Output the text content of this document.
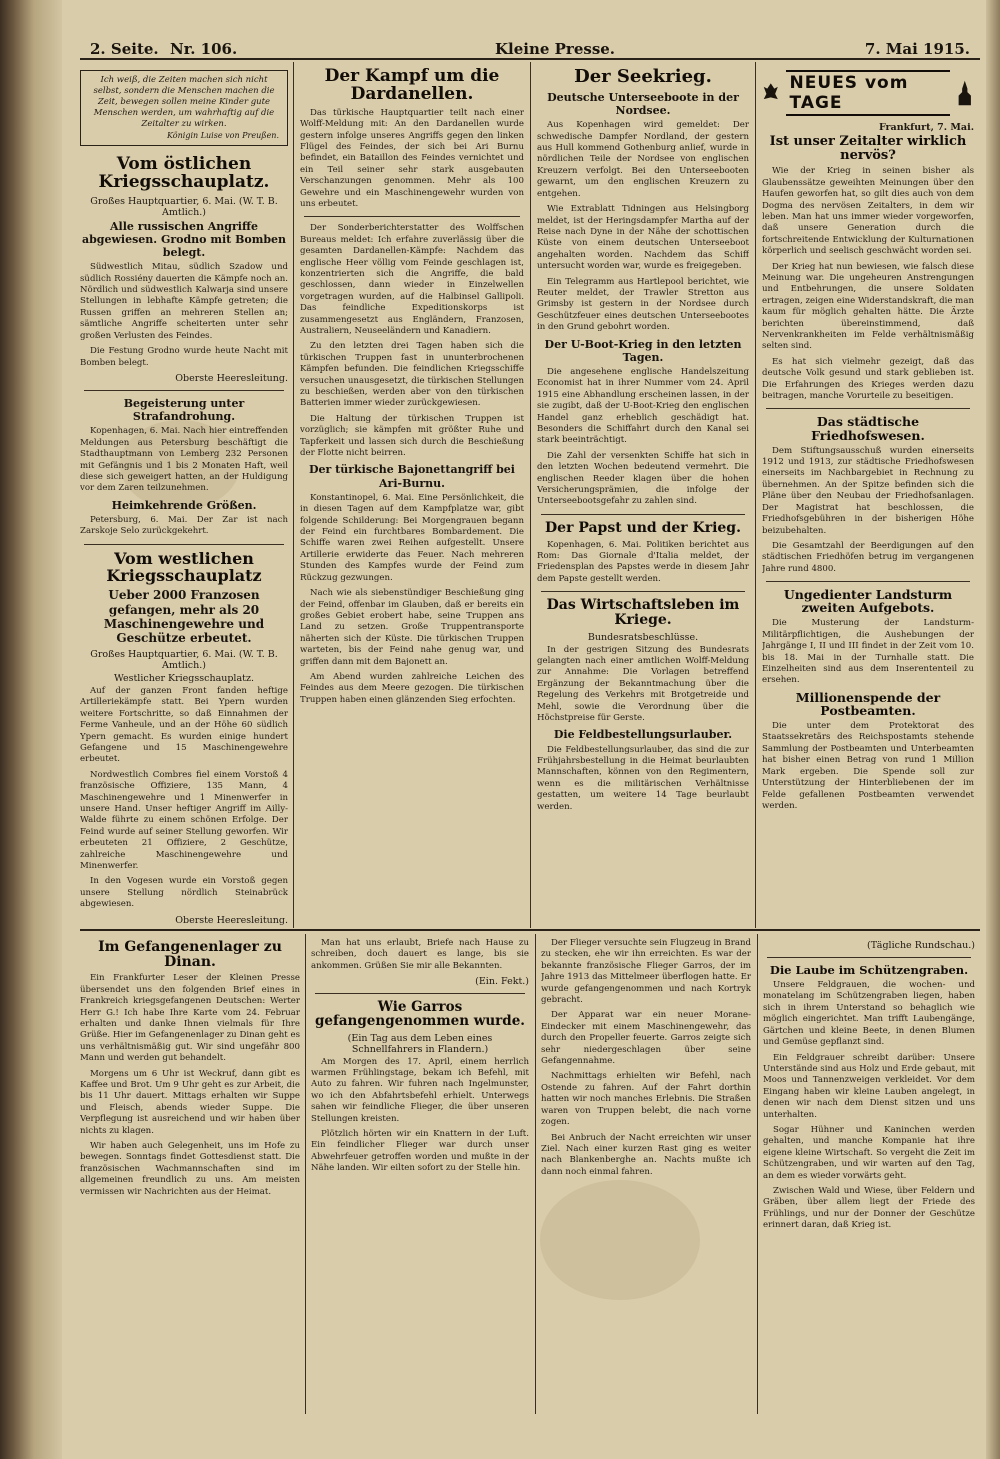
2. Seite. Nr. 106.	Kleine Presse.	7. Mai 1915.
Ich weiß, die Zeiten machen sich nicht selbst, sondern die Menschen machen die Zeit, bewegen sollen meine Kinder gute Menschen werden, um wahrhaftig auf die Zeitalter zu wirken.

Königin Luise von Preußen.
Vom östlichen Kriegsschauplatz.
Großes Hauptquartier, 6. Mai. (W. T. B. Amtlich.)
Alle russischen Angriffe abgewiesen. Grodno mit Bomben belegt.

Südwestlich Mitau, südlich Szadow und südlich Rossiény dauerten die Kämpfe noch an. Nördlich und südwestlich Kalwarja sind unsere Stellungen in lebhafte Kämpfe getreten; die Russen griffen an mehreren Stellen an; sämtliche Angriffe scheiterten unter sehr großen Verlusten des Feindes.

Die Festung Grodno wurde heute Nacht mit Bomben belegt.

Oberste Heeresleitung.
Begeisterung unter Strafandrohung.

Kopenhagen, 6. Mai. Nach hier eintreffenden Meldungen aus Petersburg beschäftigt die Stadthauptmann von Lemberg 232 Personen mit Gefängnis und 1 bis 2 Monaten Haft, weil diese sich geweigert hatten, an der Huldigung vor dem Zaren teilzunehmen.

Heimkehrende Größen.

Petersburg, 6. Mai. Der Zar ist nach Zarskoje Selo zurückgekehrt.

Vom westlichen Kriegsschauplatz
Ueber 2000 Franzosen gefangen, mehr als 20 Maschinengewehre und Geschütze erbeutet.
Großes Hauptquartier, 6. Mai. (W. T. B. Amtlich.)
Westlicher Kriegsschauplatz.

Auf der ganzen Front fanden heftige Artilleriekämpfe statt. Bei Ypern wurden weitere Fortschritte, so daß Einnahmen der Ferme Vanheule, und an der Höhe 60 südlich Ypern gemacht. Es wurden einige hundert Gefangene und 15 Maschinengewehre erbeutet.

Nordwestlich Combres fiel einem Vorstoß 4 französische Offiziere, 135 Mann, 4 Maschinengewehre und 1 Minenwerfer in unsere Hand. Unser heftiger Angriff im Ailly-Walde führte zu einem schönen Erfolge. Der Feind wurde auf seiner Stellung geworfen. Wir erbeuteten 21 Offiziere, 2 Geschütze, zahlreiche Maschinengewehre und Minenwerfer.

In den Vogesen wurde ein Vorstoß gegen unsere Stellung nördlich Steinabrück abgewiesen.

Oberste Heeresleitung.

Der Kampf um die Dardanellen.

Das türkische Hauptquartier teilt nach einer Wolff-Meldung mit: An den Dardanellen wurde gestern infolge unseres Angriffs gegen den linken Flügel des Feindes, der sich bei Ari Burnu befindet, ein Bataillon des Feindes vernichtet und ein Teil seiner sehr stark ausgebauten Verschanzungen genommen. Mehr als 100 Gewehre und ein Maschinengewehr wurden von uns erbeutet.

Der Sonderberichterstatter des Wolffschen Bureaus meldet: Ich erfahre zuverlässig über die gesamten Dardanellen-Kämpfe: Nachdem das englische Heer völlig vom Feinde geschlagen ist, konzentrierten sich die Angriffe, die bald geschlossen, dann wieder in Einzelwellen vorgetragen wurden, auf die Halbinsel Gallipoli. Das feindliche Expeditionskorps ist zusammengesetzt aus Engländern, Franzosen, Australiern, Neuseeländern und Kanadiern.

Zu den letzten drei Tagen haben sich die türkischen Truppen fast in ununterbrochenen Kämpfen befunden. Die feindlichen Kriegsschiffe versuchen unausgesetzt, die türkischen Stellungen zu beschießen, werden aber von den türkischen Batterien immer wieder zurückgewiesen.

Die Haltung der türkischen Truppen ist vorzüglich; sie kämpfen mit größter Ruhe und Tapferkeit und lassen sich durch die Beschießung der Flotte nicht beirren.

Der türkische Bajonettangriff bei Ari-Burnu.

Konstantinopel, 6. Mai. Eine Persönlichkeit, die in diesen Tagen auf dem Kampfplatze war, gibt folgende Schilderung: Bei Morgengrauen begann der Feind ein furchtbares Bombardement. Die Schiffe waren zwei Reihen aufgestellt. Unsere Artillerie erwiderte das Feuer. Nach mehreren Stunden des Kampfes wurde der Feind zum Rückzug gezwungen.

Nach wie als siebenstündiger Beschießung ging der Feind, offenbar im Glauben, daß er bereits ein großes Gebiet erobert habe, seine Truppen ans Land zu setzen. Große Truppentransporte näherten sich der Küste. Die türkischen Truppen warteten, bis der Feind nahe genug war, und griffen dann mit dem Bajonett an.

Am Abend wurden zahlreiche Leichen des Feindes aus dem Meere gezogen. Die türkischen Truppen haben einen glänzenden Sieg erfochten.

Der Seekrieg.
Deutsche Unterseeboote in der Nordsee.

Aus Kopenhagen wird gemeldet: Der schwedische Dampfer Nordland, der gestern aus Hull kommend Gothenburg anlief, wurde in nördlichen Teile der Nordsee von englischen Kreuzern verfolgt. Bei den Unterseebooten gewarnt, um den englischen Kreuzern zu entgehen.

Wie Extrablatt Tidningen aus Helsingborg meldet, ist der Heringsdampfer Martha auf der Reise nach Dyne in der Nähe der schottischen Küste von einem deutschen Unterseeboot angehalten worden. Nachdem das Schiff untersucht worden war, wurde es freigegeben.

Ein Telegramm aus Hartlepool berichtet, wie Reuter meldet, der Trawler Stretton aus Grimsby ist gestern in der Nordsee durch Geschützfeuer eines deutschen Unterseebootes in den Grund gebohrt worden.

Der U-Boot-Krieg in den letzten Tagen.

Die angesehene englische Handelszeitung Economist hat in ihrer Nummer vom 24. April 1915 eine Abhandlung erscheinen lassen, in der sie zugibt, daß der U-Boot-Krieg den englischen Handel ganz erheblich geschädigt hat. Besonders die Schiffahrt durch den Kanal sei stark beeinträchtigt.

Die Zahl der versenkten Schiffe hat sich in den letzten Wochen bedeutend vermehrt. Die englischen Reeder klagen über die hohen Versicherungsprämien, die infolge der Unterseebootsgefahr zu zahlen sind.

Der Papst und der Krieg.

Kopenhagen, 6. Mai. Politiken berichtet aus Rom: Das Giornale d'Italia meldet, der Friedensplan des Papstes werde in diesem Jahr dem Papste gestellt werden.

Das Wirtschaftsleben im Kriege.
Bundesratsbeschlüsse.

In der gestrigen Sitzung des Bundesrats gelangten nach einer amtlichen Wolff-Meldung zur Annahme: Die Vorlagen betreffend Ergänzung der Bekanntmachung über die Regelung des Verkehrs mit Brotgetreide und Mehl, sowie die Verordnung über die Höchstpreise für Gerste.

Die Feldbestellungsurlauber.

Die Feldbestellungsurlauber, das sind die zur Frühjahrsbestellung in die Heimat beurlaubten Mannschaften, können von den Regimentern, wenn es die militärischen Verhältnisse gestatten, um weitere 14 Tage beurlaubt werden.

NEUES vom TAGE
Frankfurt, 7. Mai.
Ist unser Zeitalter wirklich nervös?

Wie der Krieg in seinen bisher als Glaubenssätze geweihten Meinungen über den Haufen geworfen hat, so gilt dies auch von dem Dogma des nervösen Zeitalters, in dem wir leben. Man hat uns immer wieder vorgeworfen, daß unsere Generation durch die fortschreitende Entwicklung der Kulturnationen körperlich und seelisch geschwächt worden sei.

Der Krieg hat nun bewiesen, wie falsch diese Meinung war. Die ungeheuren Anstrengungen und Entbehrungen, die unsere Soldaten ertragen, zeigen eine Widerstandskraft, die man kaum für möglich gehalten hätte. Die Ärzte berichten übereinstimmend, daß Nervenkrankheiten im Felde verhältnismäßig selten sind.

Es hat sich vielmehr gezeigt, daß das deutsche Volk gesund und stark geblieben ist. Die Erfahrungen des Krieges werden dazu beitragen, manche Vorurteile zu beseitigen.

Das städtische Friedhofswesen.

Dem Stiftungsausschuß wurden einerseits 1912 und 1913, zur städtische Friedhofswesen einerseits im Nachbargebiet in Rechnung zu übernehmen. An der Spitze befinden sich die Pläne über den Neubau der Friedhofsanlagen. Der Magistrat hat beschlossen, die Friedhofsgebühren in der bisherigen Höhe beizubehalten.

Die Gesamtzahl der Beerdigungen auf den städtischen Friedhöfen betrug im vergangenen Jahre rund 4800.

Ungedienter Landsturm zweiten Aufgebots.

Die Musterung der Landsturm-Militärpflichtigen, die Aushebungen der Jahrgänge I, II und III findet in der Zeit vom 10. bis 18. Mai in der Turnhalle statt. Die Einzelheiten sind aus dem Inserententeil zu ersehen.

Millionenspende der Postbeamten.

Die unter dem Protektorat des Staatssekretärs des Reichspostamts stehende Sammlung der Postbeamten und Unterbeamten hat bisher einen Betrag von rund 1 Million Mark ergeben. Die Spende soll zur Unterstützung der Hinterbliebenen der im Felde gefallenen Postbeamten verwendet werden.

Im Gefangenenlager zu Dinan.

Ein Frankfurter Leser der Kleinen Presse übersendet uns den folgenden Brief eines in Frankreich kriegsgefangenen Deutschen: Werter Herr G.! Ich habe Ihre Karte vom 24. Februar erhalten und danke Ihnen vielmals für Ihre Grüße. Hier im Gefangenenlager zu Dinan geht es uns verhältnismäßig gut. Wir sind ungefähr 800 Mann und werden gut behandelt.

Morgens um 6 Uhr ist Weckruf, dann gibt es Kaffee und Brot. Um 9 Uhr geht es zur Arbeit, die bis 11 Uhr dauert. Mittags erhalten wir Suppe und Fleisch, abends wieder Suppe. Die Verpflegung ist ausreichend und wir haben über nichts zu klagen.

Wir haben auch Gelegenheit, uns im Hofe zu bewegen. Sonntags findet Gottesdienst statt. Die französischen Wachmannschaften sind im allgemeinen freundlich zu uns. Am meisten vermissen wir Nachrichten aus der Heimat.

Man hat uns erlaubt, Briefe nach Hause zu schreiben, doch dauert es lange, bis sie ankommen. Grüßen Sie mir alle Bekannten.

(Ein. Fekt.)
Wie Garros gefangengenommen wurde.
(Ein Tag aus dem Leben eines Schnellfahrers in Flandern.)

Am Morgen des 17. April, einem herrlich warmen Frühlingstage, bekam ich Befehl, mit Auto zu fahren. Wir fuhren nach Ingelmunster, wo ich den Abfahrtsbefehl erhielt. Unterwegs sahen wir feindliche Flieger, die über unseren Stellungen kreisten.

Plötzlich hörten wir ein Knattern in der Luft. Ein feindlicher Flieger war durch unser Abwehrfeuer getroffen worden und mußte in der Nähe landen. Wir eilten sofort zu der Stelle hin.

Der Flieger versuchte sein Flugzeug in Brand zu stecken, ehe wir ihn erreichten. Es war der bekannte französische Flieger Garros, der im Jahre 1913 das Mittelmeer überflogen hatte. Er wurde gefangengenommen und nach Kortryk gebracht.

Der Apparat war ein neuer Morane-Eindecker mit einem Maschinengewehr, das durch den Propeller feuerte. Garros zeigte sich sehr niedergeschlagen über seine Gefangennahme.

Nachmittags erhielten wir Befehl, nach Ostende zu fahren. Auf der Fahrt dorthin hatten wir noch manches Erlebnis. Die Straßen waren von Truppen belebt, die nach vorne zogen.

Bei Anbruch der Nacht erreichten wir unser Ziel. Nach einer kurzen Rast ging es weiter nach Blankenberghe an. Nachts mußte ich dann noch einmal fahren.

(Tägliche Rundschau.)
Die Laube im Schützengraben.

Unsere Feldgrauen, die wochen- und monatelang im Schützengraben liegen, haben sich in ihrem Unterstand so behaglich wie möglich eingerichtet. Man trifft Laubengänge, Gärtchen und kleine Beete, in denen Blumen und Gemüse gepflanzt sind.

Ein Feldgrauer schreibt darüber: Unsere Unterstände sind aus Holz und Erde gebaut, mit Moos und Tannenzweigen verkleidet. Vor dem Eingang haben wir kleine Lauben angelegt, in denen wir nach dem Dienst sitzen und uns unterhalten.

Sogar Hühner und Kaninchen werden gehalten, und manche Kompanie hat ihre eigene kleine Wirtschaft. So vergeht die Zeit im Schützengraben, und wir warten auf den Tag, an dem es wieder vorwärts geht.

Zwischen Wald und Wiese, über Feldern und Gräben, über allem liegt der Friede des Frühlings, und nur der Donner der Geschütze erinnert daran, daß Krieg ist.
